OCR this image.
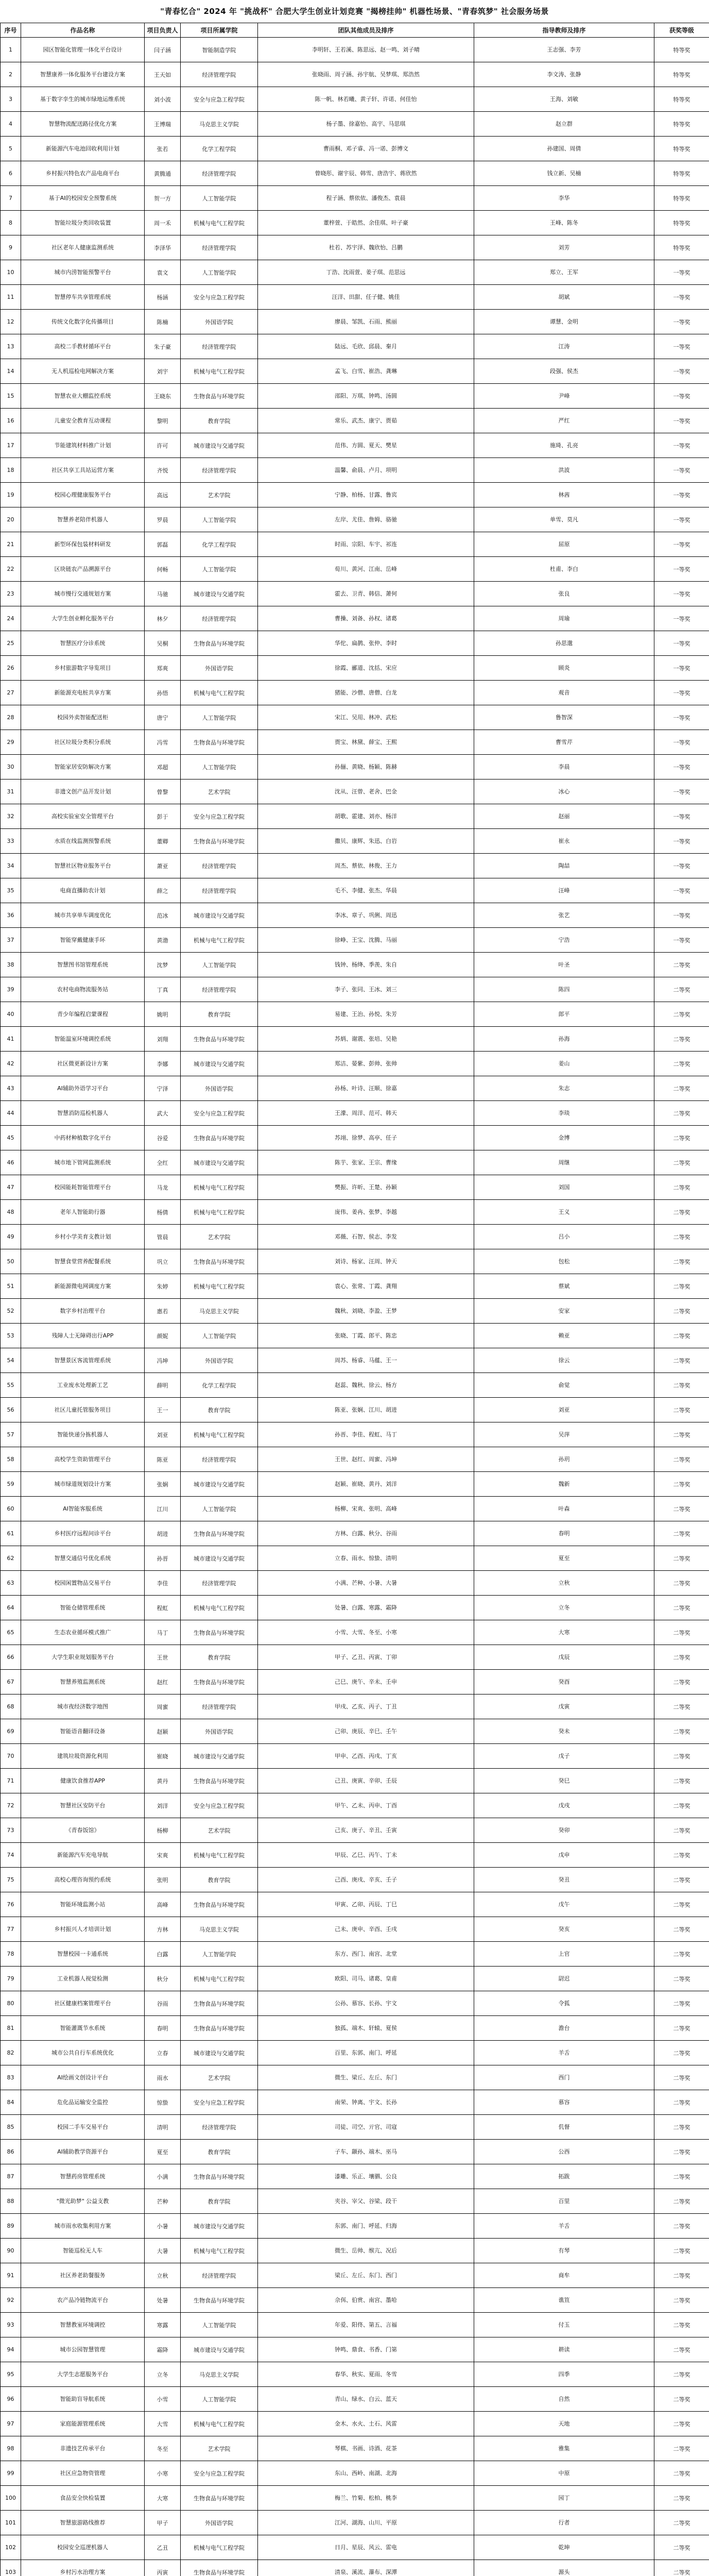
"青春忆合" 2024 年 "挑战杯" 合肥大学生创业计划竞赛 "揭榜挂帅" 机器性场景、"青春筑梦" 社会服务场景
序号	作品名称	项目负责人	项目所属学院	团队其他成员及排序	指导教师及排序	获奖等级
1	园区智能化管理一体化平台设计	闫子涵	智能制造学院	李明轩、王若溪、陈思远、赵一鸣、刘子晴	王志强、李芳	特等奖
2	智慧康养一体化服务平台建设方案	王天如	经济管理学院	张晓雨、周子涵、孙宇航、吴梦琪、郑浩然	李文涛、张静	特等奖
3	基于数字孪生的城市绿地运维系统	刘小波	安全与应急工程学院	陈一帆、林若曦、黄子轩、许诺、何佳怡	王海、刘敏	特等奖
4	智慧物流配送路径优化方案	王博瑞	马克思主义学院	杨子墨、徐嘉怡、高宇、马思琪	赵立群	特等奖
5	新能源汽车电池回收利用计划	张若	化学工程学院	曹雨桐、邓子睿、冯一诺、彭博文	孙建国、周倩	特等奖
6	乡村振兴特色农产品电商平台	黄腾通	经济管理学院	曾晓彤、谢宇辰、韩雪、唐浩宇、蒋欣然	钱立新、吴楠	特等奖
7	基于AI的校园安全预警系统	贺一方	人工智能学院	程子涵、蔡依依、潘俊杰、袁晨	李华	特等奖
8	智能垃圾分类回收装置	周一禾	机械与电气工程学院	董梓萱、于皓然、余佳琪、叶子豪	王峰、陈冬	特等奖
9	社区老年人健康监测系统	李泽华	经济管理学院	杜若、苏宇泽、魏欣怡、吕鹏	刘芳	特等奖
10	城市内涝智能预警平台	袁文	人工智能学院	丁浩、沈雨萱、姜子琪、范思远	郑立、王军	一等奖
11	智慧停车共享管理系统	杨涵	安全与应急工程学院	汪洋、田甜、任子健、姚佳	胡斌	一等奖
12	传统文化数字化传播项目	陈楠	外国语学院	廖晨、邹凯、石雨、熊丽	谭慧、金明	一等奖
13	高校二手教材循环平台	朱子豪	经济管理学院	陆远、毛欣、邱晨、秦月	江涛	一等奖
14	无人机巡检电网解决方案	刘宇	机械与电气工程学院	孟飞、白雪、崔浩、龚琳	段强、侯杰	一等奖
15	智慧农业大棚监控系统	王晓东	生物食品与环境学院	邵阳、万琪、钟鸣、汤圆	尹峰	一等奖
16	儿童安全教育互动课程	黎明	教育学院	常乐、武杰、康宁、贾茹	严红	一等奖
17	节能建筑材料推广计划	许可	城市建设与交通学院	范伟、方圆、夏天、樊星	施琦、孔亮	一等奖
18	社区共享工具站运营方案	齐悦	经济管理学院	温馨、俞晨、卢月、项明	洪波	一等奖
19	校园心理健康服务平台	高远	艺术学院	宁静、柏杨、甘露、鲁宾	林茜	一等奖
20	智慧养老陪伴机器人	罗晨	人工智能学院	左岸、尤佳、詹姆、骆驰	单雪、莫凡	一等奖
21	新型环保包装材料研发	郭磊	化学工程学院	时雨、宗阳、车宇、祁连	屈原	一等奖
22	区块链农产品溯源平台	何畅	人工智能学院	荀川、黄河、江南、岳峰	杜甫、李白	一等奖
23	城市慢行交通规划方案	马驰	城市建设与交通学院	霍去、卫青、韩信、萧何	张良	一等奖
24	大学生创业孵化服务平台	林夕	经济管理学院	曹操、刘备、孙权、诸葛	周瑜	一等奖
25	智慧医疗分诊系统	吴桐	生物食品与环境学院	华佗、扁鹊、张仲、李时	孙思邈	一等奖
26	乡村旅游数字导览项目	郑爽	外国语学院	徐霞、郦道、沈括、宋应	顾炎	一等奖
27	新能源充电桩共享方案	孙悟	机械与电气工程学院	猪能、沙僧、唐僧、白龙	观音	一等奖
28	校园外卖智能配送柜	唐宁	人工智能学院	宋江、吴用、林冲、武松	鲁智深	一等奖
29	社区垃圾分类积分系统	冯雪	生物食品与环境学院	贾宝、林黛、薛宝、王熙	曹雪芹	一等奖
30	智能家居安防解决方案	邓超	人工智能学院	孙俪、黄晓、杨颖、陈赫	李晨	一等奖
31	非遗文创产品开发计划	曾黎	艺术学院	沈从、汪曾、老舍、巴金	冰心	一等奖
32	高校实验室安全管理平台	彭于	安全与应急工程学院	胡歌、霍建、刘亦、杨洋	赵丽	一等奖
33	水质在线监测预警系统	董卿	生物食品与环境学院	撒贝、康辉、朱迅、白岩	崔永	一等奖
34	智慧社区物业服务平台	萧亚	经济管理学院	周杰、蔡依、林俊、王力	陶喆	一等奖
35	电商直播助农计划	薛之	经济管理学院	毛不、李健、张杰、华晨	汪峰	一等奖
36	城市共享单车调度优化	范冰	城市建设与交通学院	李冰、章子、巩俐、周迅	张艺	一等奖
37	智能穿戴健康手环	黄渤	机械与电气工程学院	徐峥、王宝、沈腾、马丽	宁浩	一等奖
38	智慧图书馆管理系统	沈梦	人工智能学院	钱钟、杨绛、季羡、朱自	叶圣	二等奖
39	农村电商物流服务站	丁真	经济管理学院	李子、张同、王冰、刘三	陈四	二等奖
40	青少年编程启蒙课程	姚明	教育学院	易建、王治、孙悦、朱芳	郎平	二等奖
41	智能温室环境调控系统	刘翔	生物食品与环境学院	苏炳、谢震、张培、吴艳	孙海	二等奖
42	社区微更新设计方案	李娜	城市建设与交通学院	郑洁、晏紫、彭帅、张帅	姜山	二等奖
43	AI辅助外语学习平台	宁泽	外国语学院	孙杨、叶诗、汪顺、徐嘉	朱志	二等奖
44	智慧消防巡检机器人	武大	安全与应急工程学院	王濛、周洋、范可、韩天	李琰	二等奖
45	中药材种植数字化平台	谷爱	生物食品与环境学院	苏翊、徐梦、高亭、任子	金博	二等奖
46	城市地下管网监测系统	全红	城市建设与交通学院	陈芋、张家、王宗、曹缘	周继	二等奖
47	校园能耗智能管理平台	马龙	机械与电气工程学院	樊振、许昕、王楚、孙颖	刘国	二等奖
48	老年人智能助行器	杨倩	机械与电气工程学院	庞伟、姜冉、张梦、李越	王义	二等奖
49	乡村小学美育支教计划	管晨	艺术学院	邓薇、石智、侯志、李发	吕小	二等奖
50	智慧食堂营养配餐系统	巩立	生物食品与环境学院	刘诗、杨家、汪周、钟天	包松	二等奖
51	新能源微电网调度方案	朱婷	机械与电气工程学院	袁心、张常、丁霞、龚翔	蔡斌	二等奖
52	数字乡村治理平台	惠若	马克思主义学院	魏秋、刘晓、李盈、王梦	安家	二等奖
53	残障人士无障碍出行APP	颜妮	人工智能学院	张晓、丁霞、郎平、陈忠	赖亚	二等奖
54	智慧景区客流管理系统	冯坤	外国语学院	周苏、杨睿、马蕴、王一	徐云	二等奖
55	工业废水处理新工艺	薛明	化学工程学院	赵蕊、魏秋、徐云、杨方	俞觉	二等奖
56	社区儿童托管服务项目	王一	教育学院	陈亚、张娴、江川、胡进	刘亚	二等奖
57	智能快递分拣机器人	刘亚	机械与电气工程学院	孙晋、李佳、程虹、马丁	吴萍	二等奖
58	高校学生资助管理平台	陈亚	经济管理学院	王世、赵红、周蜜、冯坤	孙玥	二等奖
59	城市绿道规划设计方案	张娴	城市建设与交通学院	赵颖、崔晓、黄丹、刘洋	魏新	二等奖
60	AI智能客服系统	江川	人工智能学院	杨柳、宋爽、张明、高峰	叶森	二等奖
61	乡村医疗远程问诊平台	胡进	生物食品与环境学院	方林、白露、秋分、谷雨	春明	二等奖
62	智慧交通信号优化系统	孙晋	城市建设与交通学院	立春、雨水、惊蛰、清明	夏至	二等奖
63	校园闲置物品交易平台	李佳	经济管理学院	小满、芒种、小暑、大暑	立秋	二等奖
64	智能仓储管理系统	程虹	机械与电气工程学院	处暑、白露、寒露、霜降	立冬	二等奖
65	生态农业循环模式推广	马丁	生物食品与环境学院	小雪、大雪、冬至、小寒	大寒	二等奖
66	大学生职业规划服务平台	王世	教育学院	甲子、乙丑、丙寅、丁卯	戊辰	二等奖
67	智慧养殖监测系统	赵红	生物食品与环境学院	己巳、庚午、辛未、壬申	癸酉	二等奖
68	城市夜经济数字地图	周蜜	经济管理学院	甲戌、乙亥、丙子、丁丑	戊寅	二等奖
69	智能语音翻译设备	赵颖	外国语学院	己卯、庚辰、辛巳、壬午	癸未	二等奖
70	建筑垃圾资源化利用	崔晓	城市建设与交通学院	甲申、乙酉、丙戌、丁亥	戊子	二等奖
71	健康饮食推荐APP	黄丹	生物食品与环境学院	己丑、庚寅、辛卯、壬辰	癸巳	二等奖
72	智慧社区安防平台	刘洋	安全与应急工程学院	甲午、乙未、丙申、丁酉	戊戌	二等奖
73	《青春饭馆》	杨柳	艺术学院	己亥、庚子、辛丑、壬寅	癸卯	二等奖
74	新能源汽车充电导航	宋爽	机械与电气工程学院	甲辰、乙巳、丙午、丁未	戊申	二等奖
75	高校心理咨询预约系统	张明	教育学院	己酉、庚戌、辛亥、壬子	癸丑	二等奖
76	智能环境监测小站	高峰	生物食品与环境学院	甲寅、乙卯、丙辰、丁巳	戊午	二等奖
77	乡村振兴人才培训计划	方林	马克思主义学院	己未、庚申、辛酉、壬戌	癸亥	二等奖
78	智慧校园一卡通系统	白露	人工智能学院	东方、西门、南宫、北堂	上官	二等奖
79	工业机器人视觉检测	秋分	机械与电气工程学院	欧阳、司马、诸葛、皇甫	尉迟	二等奖
80	社区健康档案管理平台	谷雨	生物食品与环境学院	公孙、慕容、长孙、宇文	令狐	二等奖
81	智能灌溉节水系统	春明	生物食品与环境学院	独孤、端木、轩辕、夏侯	澹台	二等奖
82	城市公共自行车系统优化	立春	城市建设与交通学院	百里、东郭、南门、呼延	羊舌	二等奖
83	AI绘画文创设计平台	雨水	艺术学院	微生、梁丘、左丘、东门	西门	二等奖
84	危化品运输安全监控	惊蛰	安全与应急工程学院	南荣、钟离、宇文、长孙	慕容	二等奖
85	校园二手车交易平台	清明	经济管理学院	司徒、司空、亓官、司寇	仉督	二等奖
86	AI辅助教学资源平台	夏至	教育学院	子车、颛孙、端木、巫马	公西	二等奖
87	智慧药房管理系统	小满	生物食品与环境学院	漆雕、乐正、壤驷、公良	拓跋	二等奖
88	"微光助梦" 公益支教	芒种	教育学院	夹谷、宰父、谷梁、段干	百里	二等奖
89	城市雨水收集利用方案	小暑	城市建设与交通学院	东郭、南门、呼延、归海	羊舌	二等奖
90	智能巡检无人车	大暑	机械与电气工程学院	微生、岳帅、缑亢、况后	有琴	二等奖
91	社区养老助餐服务	立秋	经济管理学院	梁丘、左丘、东门、西门	商牟	二等奖
92	农产品冷链物流平台	处暑	生物食品与环境学院	佘佴、伯赏、南宫、墨哈	谯笪	二等奖
93	智慧教室环境调控	寒露	人工智能学院	年爱、阳佟、第五、言福	付玉	二等奖
94	城市公园智慧管理	霜降	城市建设与交通学院	钟鸣、鼎食、书香、门第	耕读	二等奖
95	大学生志愿服务平台	立冬	马克思主义学院	春华、秋实、夏雨、冬雪	四季	二等奖
96	智能助盲导航系统	小雪	人工智能学院	青山、绿水、白云、蓝天	自然	二等奖
97	家庭能源管理系统	大雪	机械与电气工程学院	金木、水火、土石、风雷	天地	二等奖
98	非遗技艺传承平台	冬至	艺术学院	琴棋、书画、诗酒、花茶	雅集	二等奖
99	社区应急物资管理	小寒	安全与应急工程学院	东山、西岭、南湖、北海	中原	二等奖
100	食品安全快检装置	大寒	生物食品与环境学院	梅兰、竹菊、松柏、桃李	园丁	二等奖
101	智慧旅游路线推荐	甲子	外国语学院	江河、湖海、山川、平原	行者	二等奖
102	校园安全巡逻机器人	乙丑	机械与电气工程学院	日月、星辰、风云、雷电	乾坤	二等奖
103	乡村污水治理方案	丙寅	生物食品与环境学院	清泉、溪流、瀑布、深潭	源头	二等奖
